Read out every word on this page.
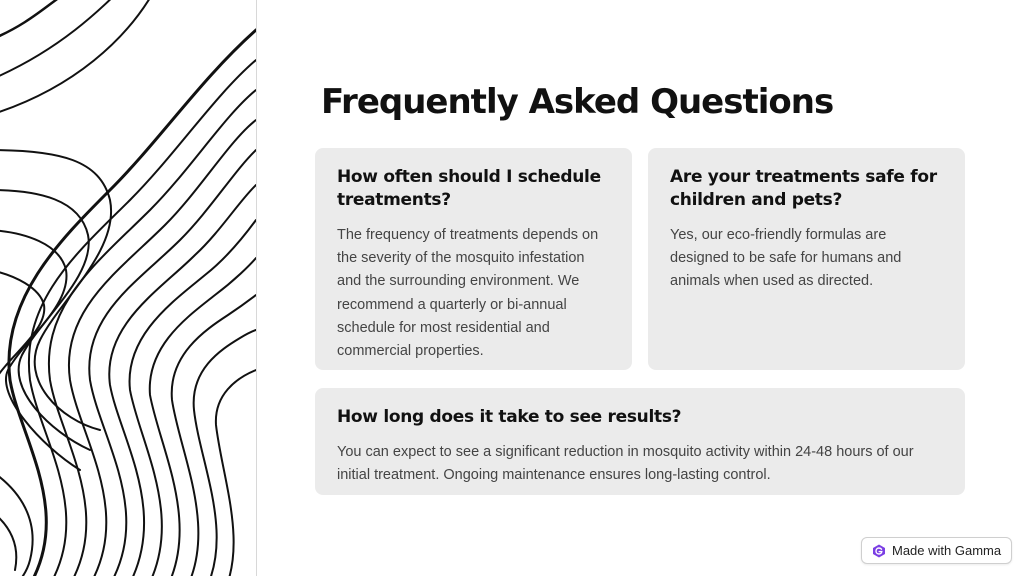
Frequently Asked Questions

How often should I schedule treatments?

The frequency of treatments depends on the severity of the mosquito infestation and the surrounding environment. We recommend a quarterly or bi-annual schedule for most residential and commercial properties.

Are your treatments safe for children and pets?

Yes, our eco-friendly formulas are designed to be safe for humans and animals when used as directed.

How long does it take to see results?

You can expect to see a significant reduction in mosquito activity within 24-48 hours of our initial treatment. Ongoing maintenance ensures long-lasting control.

Made with Gamma
